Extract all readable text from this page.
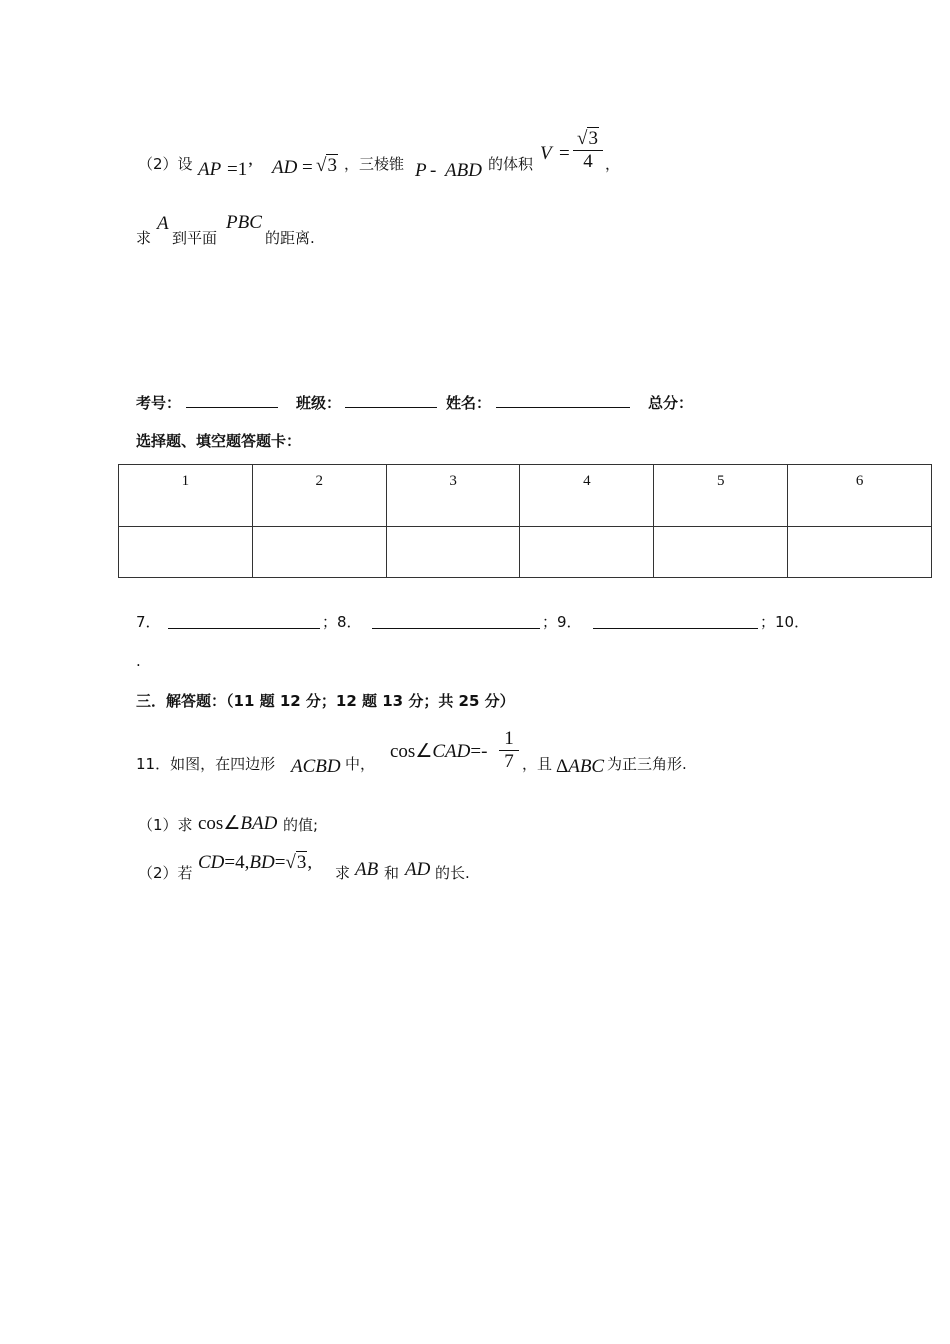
（2）设 AP =1’ AD = √3 ，三棱锥 P - ABD 的体积 $V = \frac{√3}{4}$ ，
求
A
到平面
PBC
的距离.
考号：	班级：	姓名：	总分：
选择题、填空题答题卡：
1	2	3	4	5	6

7．	；8．	；9．	；10．
.
三．解答题：（11 题 12 分；12 题 13 分；共 25 分）
11．如图，在四边形 ACBD 中，
cos∠CAD=- $\frac{1}{7}$ ，且 ΔABC 为正三角形.
（1）求 cos∠BAD 的值;
（2）若 CD=4,BD=√3, 求 AB 和 AD 的长.
